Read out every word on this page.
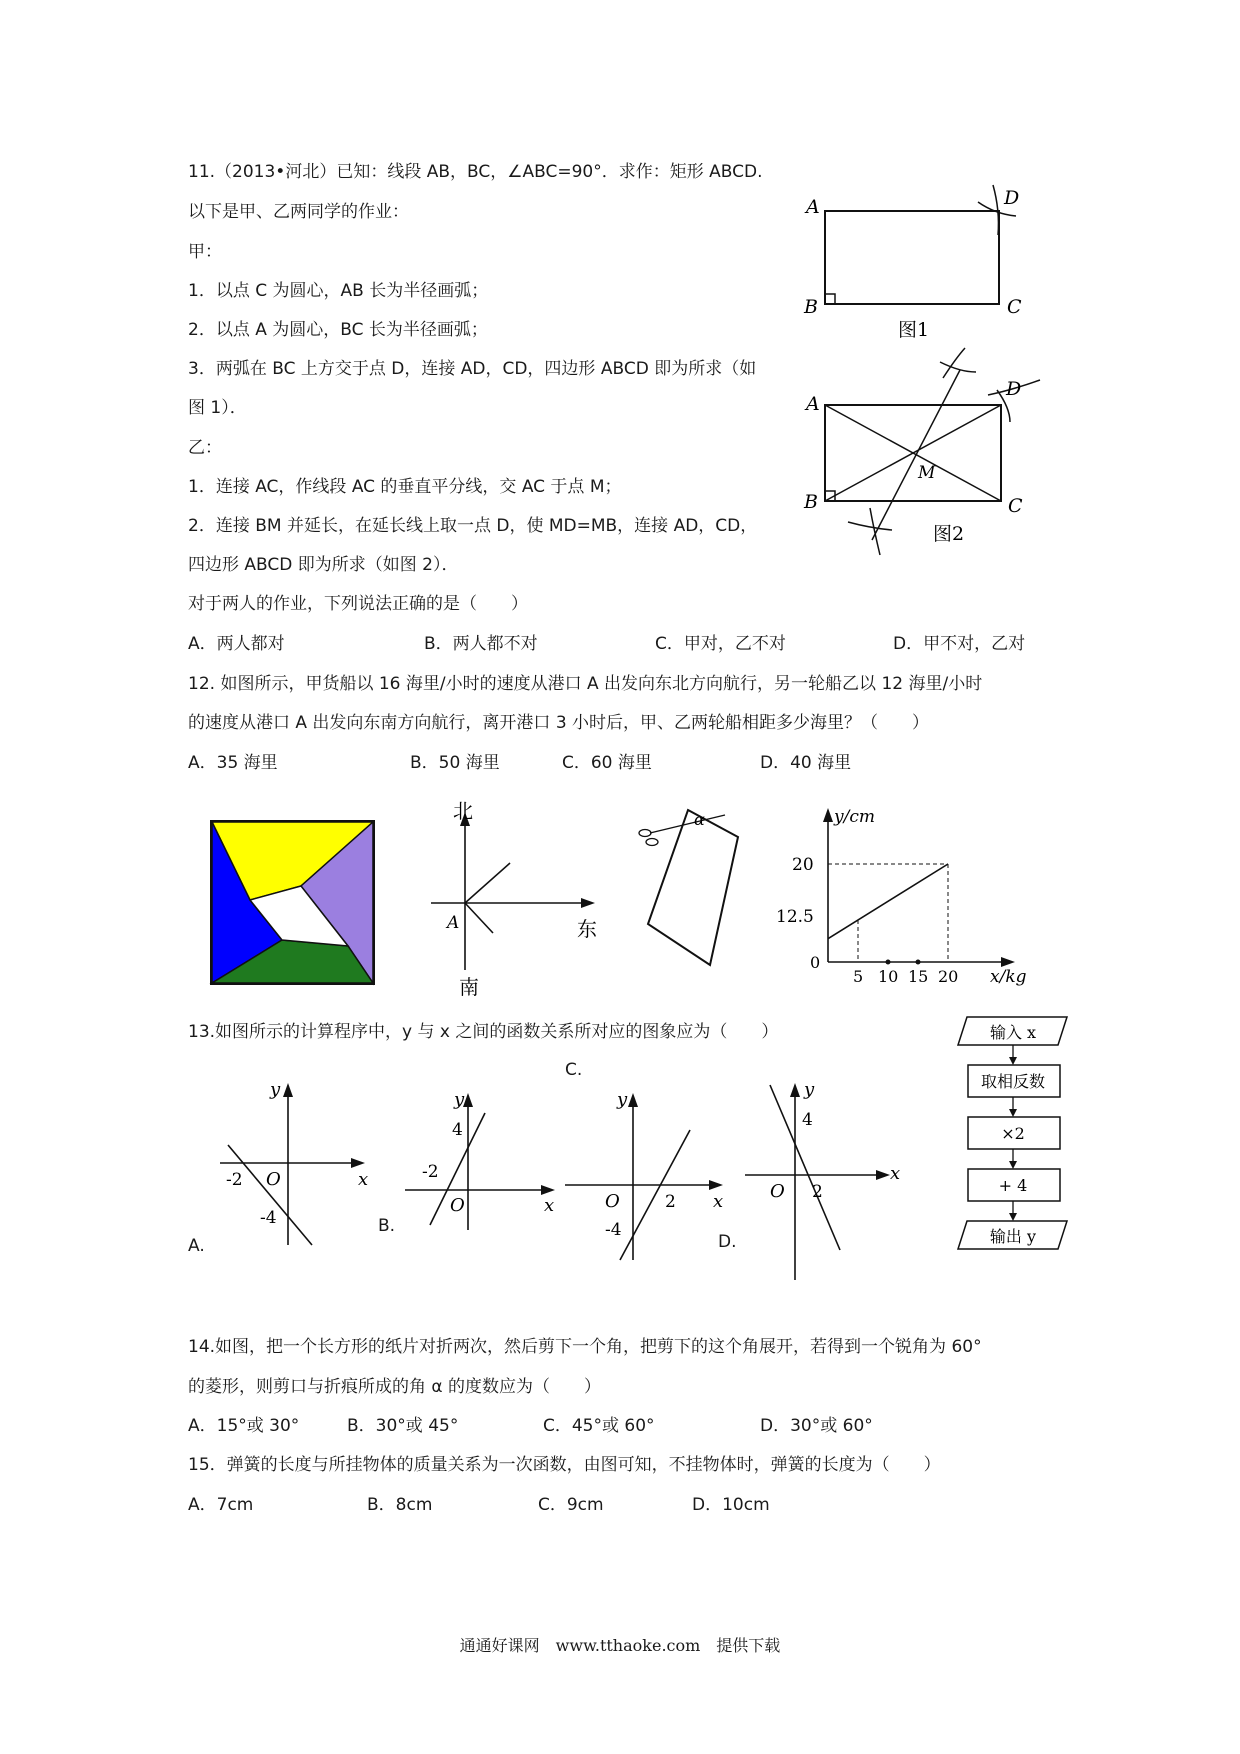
11.（2013•河北）已知：线段 AB，BC，∠ABC=90°．求作：矩形 ABCD.
以下是甲、乙两同学的作业：
甲：
1．以点 C 为圆心，AB 长为半径画弧；
2．以点 A 为圆心，BC 长为半径画弧；
3．两弧在 BC 上方交于点 D，连接 AD，CD，四边形 ABCD 即为所求（如
图 1）．
乙：
1．连接 AC，作线段 AC 的垂直平分线，交 AC 于点 M；
2．连接 BM 并延长，在延长线上取一点 D，使 MD=MB，连接 AD，CD，
四边形 ABCD 即为所求（如图 2）．
对于两人的作业，下列说法正确的是（　　）
A．两人都对	B．两人都不对	C．甲对，乙不对	D．甲不对，乙对
A
B	C
D
图1
A
B	C
D
M
图2
12. 如图所示，甲货船以 16 海里/小时的速度从港口 A 出发向东北方向航行，另一轮船乙以 12 海里/小时
的速度从港口 A 出发向东南方向航行，离开港口 3 小时后，甲、乙两轮船相距多少海里？（　　）
A．35 海里	B．50 海里	C．60 海里	D．40 海里
北
南
东
A
α	y/cm
x/kg
20
12.5
0
5 10 15 20
13.如图所示的计算程序中，y 与 x 之间的函数关系所对应的图象应为（　　）
C.
A.
B.
D.
y
x
O
-2
-4
y
x
O
-2
4
y
x
O	2
-4
y
x
O 2
4
输入 x
取相反数
×2
+ 4
输出 y
14.如图，把一个长方形的纸片对折两次，然后剪下一个角，把剪下的这个角展开，若得到一个锐角为 60°
的菱形，则剪口与折痕所成的角 α 的度数应为（　　）
A．15°或 30°	B．30°或 45°	C．45°或 60°	D．30°或 60°
15．弹簧的长度与所挂物体的质量关系为一次函数，由图可知，不挂物体时，弹簧的长度为（　　）
A．7cm	B．8cm	C．9cm	D．10cm
通通好课网　www.tthaoke.com　提供下载
